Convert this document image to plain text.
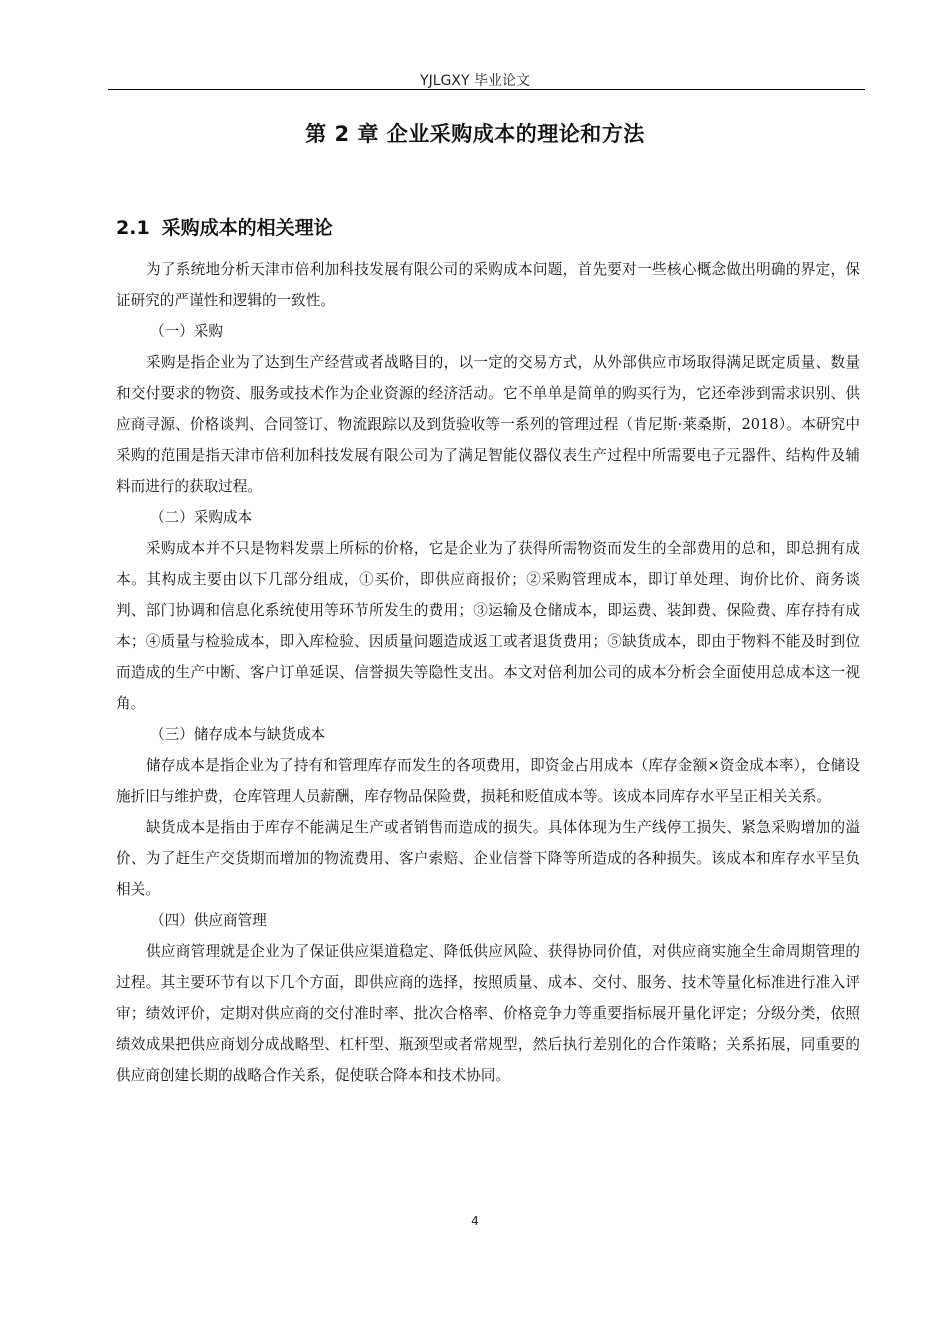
YJLGXY 毕业论文
第 2 章 企业采购成本的理论和方法
2.1 采购成本的相关理论

为了系统地分析天津市倍利加科技发展有限公司的采购成本问题，首先要对一些核心概念做出明确的界定，保证研究的严谨性和逻辑的一致性。

（一）采购

采购是指企业为了达到生产经营或者战略目的，以一定的交易方式，从外部供应市场取得满足既定质量、数量和交付要求的物资、服务或技术作为企业资源的经济活动。它不单单是简单的购买行为，它还牵涉到需求识别、供应商寻源、价格谈判、合同签订、物流跟踪以及到货验收等一系列的管理过程（肯尼斯·莱桑斯，2018）。本研究中采购的范围是指天津市倍利加科技发展有限公司为了满足智能仪器仪表生产过程中所需要电子元器件、结构件及辅料而进行的获取过程。

（二）采购成本

采购成本并不只是物料发票上所标的价格，它是企业为了获得所需物资而发生的全部费用的总和，即总拥有成本。其构成主要由以下几部分组成，①买价，即供应商报价；②采购管理成本，即订单处理、询价比价、商务谈判、部门协调和信息化系统使用等环节所发生的费用；③运输及仓储成本，即运费、装卸费、保险费、库存持有成本；④质量与检验成本，即入库检验、因质量问题造成返工或者退货费用；⑤缺货成本，即由于物料不能及时到位而造成的生产中断、客户订单延误、信誉损失等隐性支出。本文对倍利加公司的成本分析会全面使用总成本这一视角。

（三）储存成本与缺货成本

储存成本是指企业为了持有和管理库存而发生的各项费用，即资金占用成本（库存金额×资金成本率），仓储设施折旧与维护费，仓库管理人员薪酬，库存物品保险费，损耗和贬值成本等。该成本同库存水平呈正相关关系。

缺货成本是指由于库存不能满足生产或者销售而造成的损失。具体体现为生产线停工损失、紧急采购增加的溢价、为了赶生产交货期而增加的物流费用、客户索赔、企业信誉下降等所造成的各种损失。该成本和库存水平呈负相关。

（四）供应商管理

供应商管理就是企业为了保证供应渠道稳定、降低供应风险、获得协同价值，对供应商实施全生命周期管理的过程。其主要环节有以下几个方面，即供应商的选择，按照质量、成本、交付、服务、技术等量化标准进行准入评审；绩效评价，定期对供应商的交付准时率、批次合格率、价格竞争力等重要指标展开量化评定；分级分类，依照绩效成果把供应商划分成战略型、杠杆型、瓶颈型或者常规型，然后执行差别化的合作策略；关系拓展，同重要的供应商创建长期的战略合作关系，促使联合降本和技术协同。

4
